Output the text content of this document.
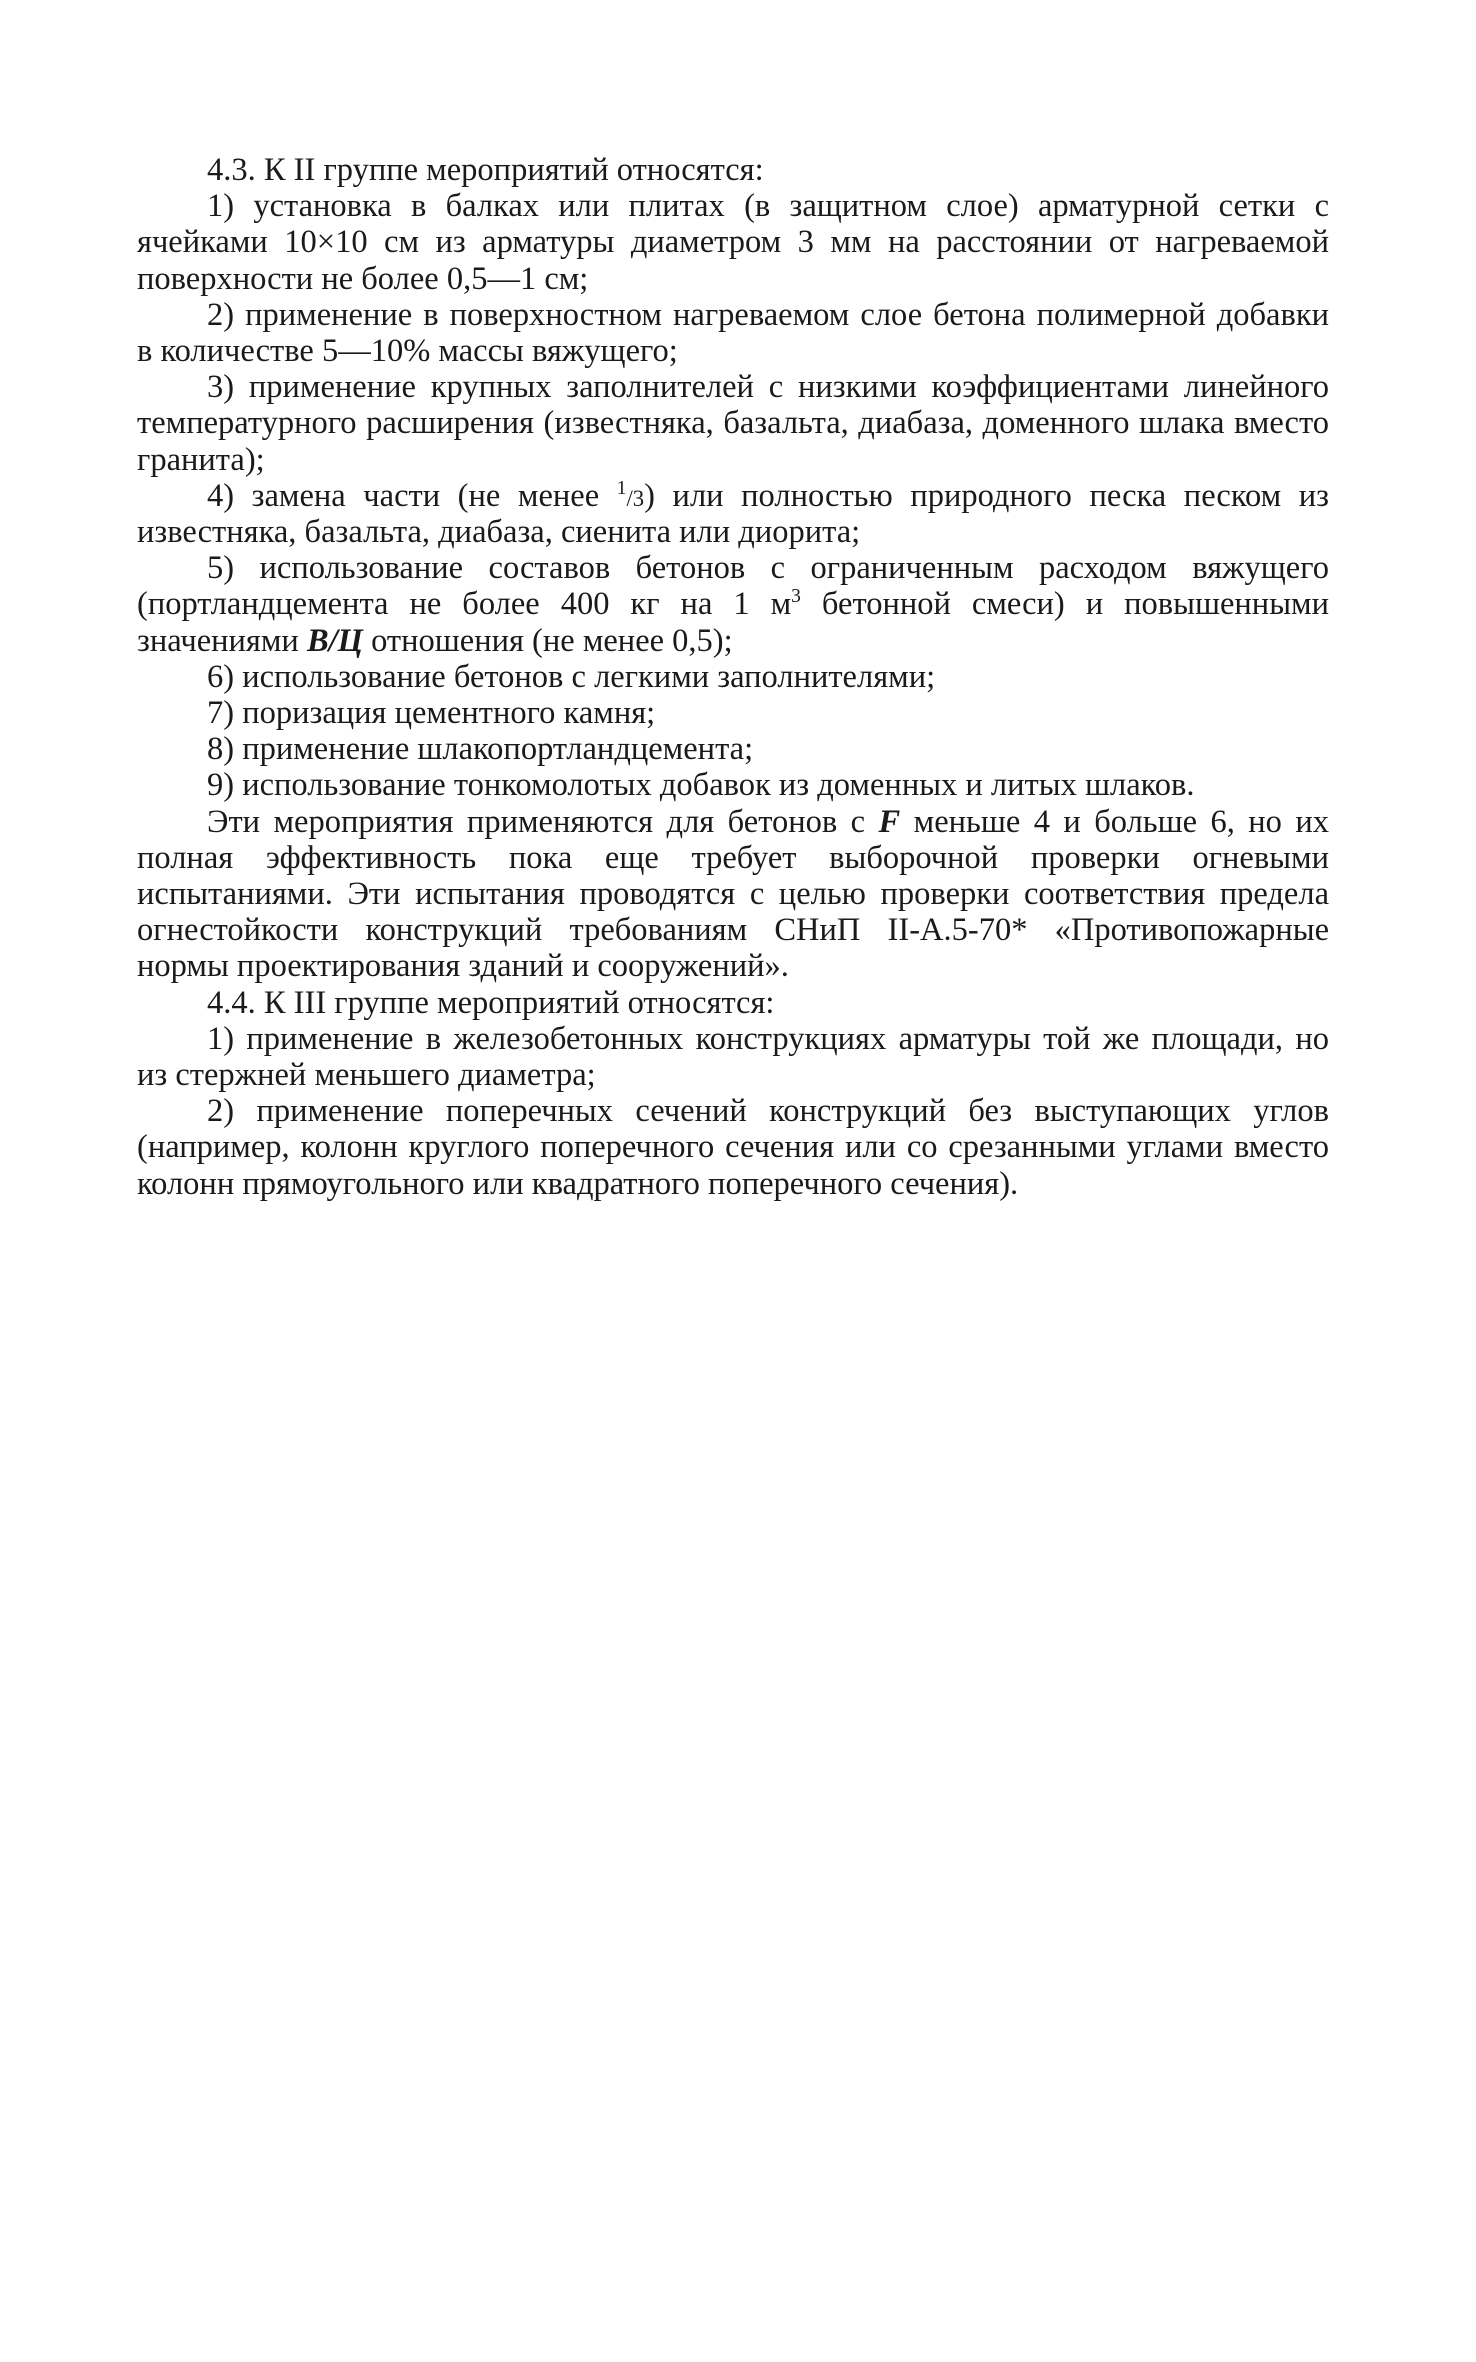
4.3. К II группе мероприятий относятся:

1) установка в балках или плитах (в защитном слое) арматурной сетки с ячейками 10×10 см из арматуры диаметром 3 мм на расстоянии от нагреваемой поверхности не более 0,5—1 см;

2) применение в поверхностном нагреваемом слое бетона полимерной добавки в количестве 5—10% массы вяжущего;

3) применение крупных заполнителей с низкими коэффициентами линейного температурного расширения (известняка, базальта, диабаза, доменного шлака вместо гранита);

4) замена части (не менее $^1$/3) или полностью природного песка песком из известняка, базальта, диабаза, сиенита или диорита;

5) использование составов бетонов с ограниченным расходом вяжущего (портландцемента не более 400 кг на 1 $м^3$ бетонной смеси) и повышенными значениями В/Ц отношения (не менее 0,5);

6) использование бетонов с легкими заполнителями;

7) поризация цементного камня;

8) применение шлакопортландцемента;

9) использование тонкомолотых добавок из доменных и литых шлаков.

Эти мероприятия применяются для бетонов с F меньше 4 и больше 6, но их полная эффективность пока еще требует выборочной проверки огневыми испытаниями. Эти испытания проводятся с целью проверки соответствия предела огнестойкости конструкций требованиям СНиП II-А.5-70* «Противопожарные нормы проектирования зданий и сооружений».

4.4. К III группе мероприятий относятся:

1) применение в железобетонных конструкциях арматуры той же площади, но из стержней меньшего диаметра;

2) применение поперечных сечений конструкций без выступающих углов (например, колонн круглого поперечного сечения или со срезанными углами вместо колонн прямоугольного или квадратного поперечного сечения).
